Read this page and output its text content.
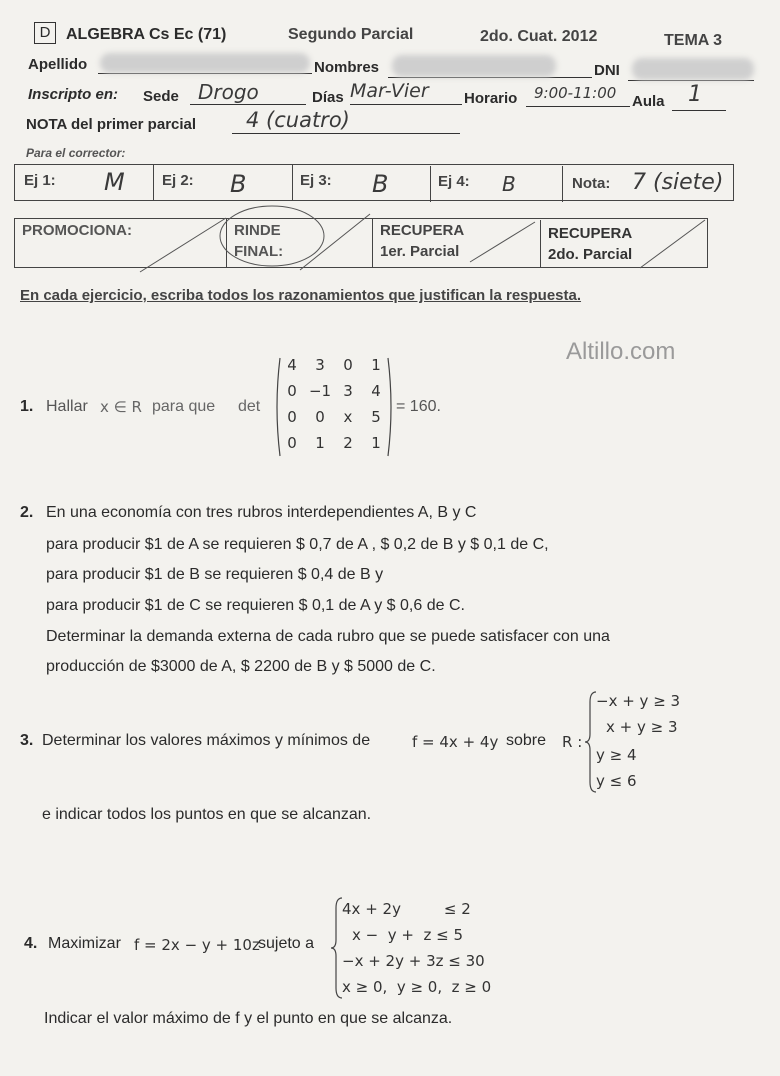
D ALGEBRA Cs Ec (71)	Segundo Parcial	2do. Cuat. 2012	TEMA 3
Apellido	Nombres	DNI
Inscripto en: Sede Drogo	Días Mar-Vier Horario 9:00-11:00 Aula 1
NOTA del primer parcial 4 (cuatro)
Para el corrector:
Ej 1: M Ej 2: B	Ej 3: B	Ej 4: B	Nota: 7 (siete)
PROMOCIONA:	RINDE
FINAL:
RECUPERA
1er. Parcial
RECUPERA
2do. Parcial
En cada ejercicio, escriba todos los razonamientos que justifican la respuesta.
Altillo.com
1. Hallar x ∈ R para que det
4	3	0	1
0 −1 3	4
0	0	x	5
0	1	2	1
= 160.
2. En una economía con tres rubros interdependientes A, B y C
para producir $1 de A se requieren $ 0,7 de A , $ 0,2 de B y $ 0,1 de C,
para producir $1 de B se requieren $ 0,4 de B y
para producir $1 de C se requieren $ 0,1 de A y $ 0,6 de C.
Determinar la demanda externa de cada rubro que se puede satisfacer con una
producción de $3000 de A, $ 2200 de B y $ 5000 de C.
3. Determinar los valores máximos y mínimos de	f = 4x + 4y sobre R :
−x + y ≥ 3
x + y ≥ 3
y ≥ 4
y ≤ 6
e indicar todos los puntos en que se alcanzan.
4. Maximizar f = 2x − y + 10z
sujeto a
4x + 2y         ≤ 2
x −  y +  z ≤ 5
−x + 2y + 3z ≤ 30
x ≥ 0,  y ≥ 0,  z ≥ 0
Indicar el valor máximo de f y el punto en que se alcanza.
